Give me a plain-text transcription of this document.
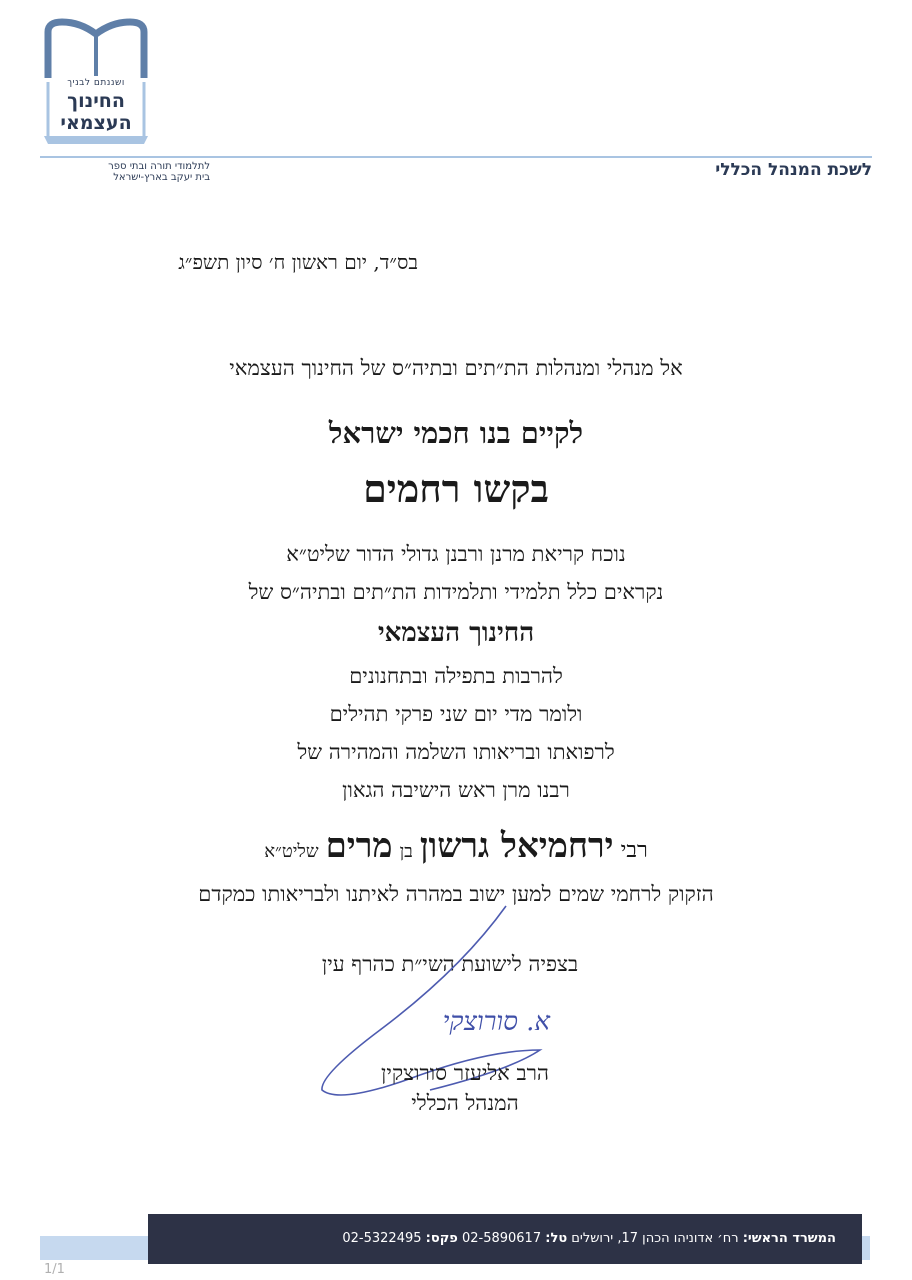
ושננתם לבניך
החינוך
העצמאי
לתלמודי תורה ובתי ספר
בית יעקב בארץ-ישראל	לשכת המנהל הכללי
בס״ד, יום ראשון ח׳ סיון תשפ״ג
אל מנהלי ומנהלות הת״תים ובתיה״ס של החינוך העצמאי
לקיים בנו חכמי ישראל
בקשו רחמים
נוכח קריאת מרנן ורבנן גדולי הדור שליט״א
נקראים כלל תלמידי ותלמידות הת״תים ובתיה״ס של
החינוך העצמאי
להרבות בתפילה ובתחנונים
ולומר מדי יום שני פרקי תהילים
לרפואתו ובריאותו השלמה והמהירה של
רבנו מרן ראש הישיבה הגאון
רבי ירחמיאל גרשון בן מרים שליט״א
הזקוק לרחמי שמים למען ישוב במהרה לאיתנו ולבריאותו כמקדם
בצפיה לישועת השי״ת כהרף עין
א. סורוצקי
הרב אליעזר סורוצקין
המנהל הכללי
המשרד הראשי: רח׳ אדוניהו הכהן 17, ירושלים טל: 02-5890617 פקס: 02-5322495
1/1
